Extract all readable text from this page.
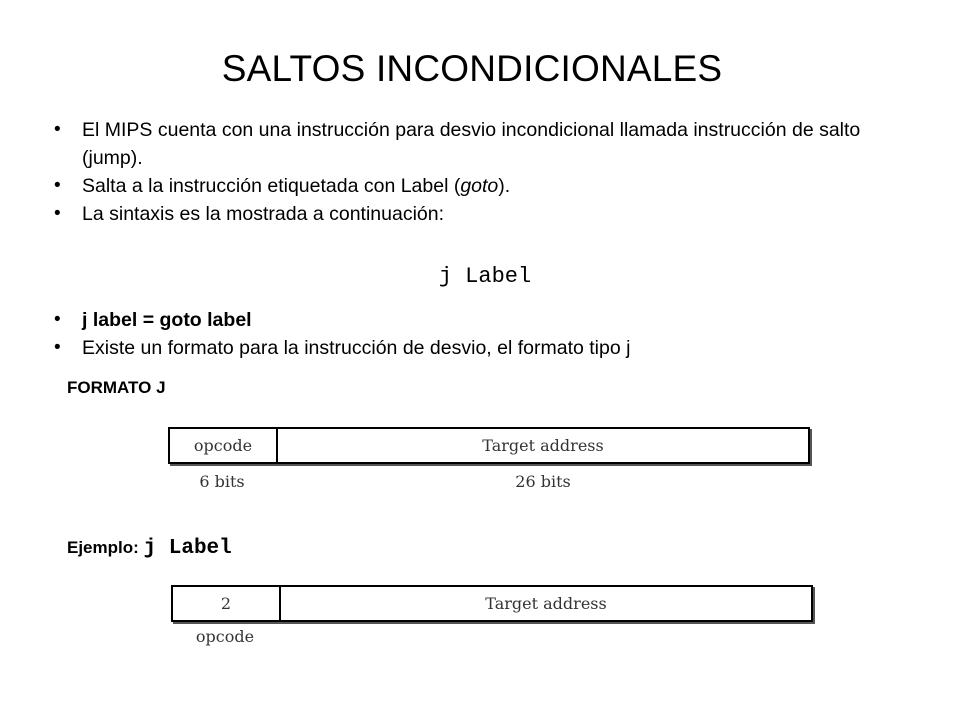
SALTOS INCONDICIONALES
• El MIPS cuenta con una instrucción para desvio incondicional llamada instrucción de salto (jump).
• Salta a la instrucción etiquetada con Label (goto).
• La sintaxis es la mostrada a continuación:
j Label
• j label = goto label
• Existe un formato para la instrucción de desvio, el formato tipo j
FORMATO J
opcode	Target address
6 bits	26 bits
Ejemplo: j Label
2	Target address
opcode
